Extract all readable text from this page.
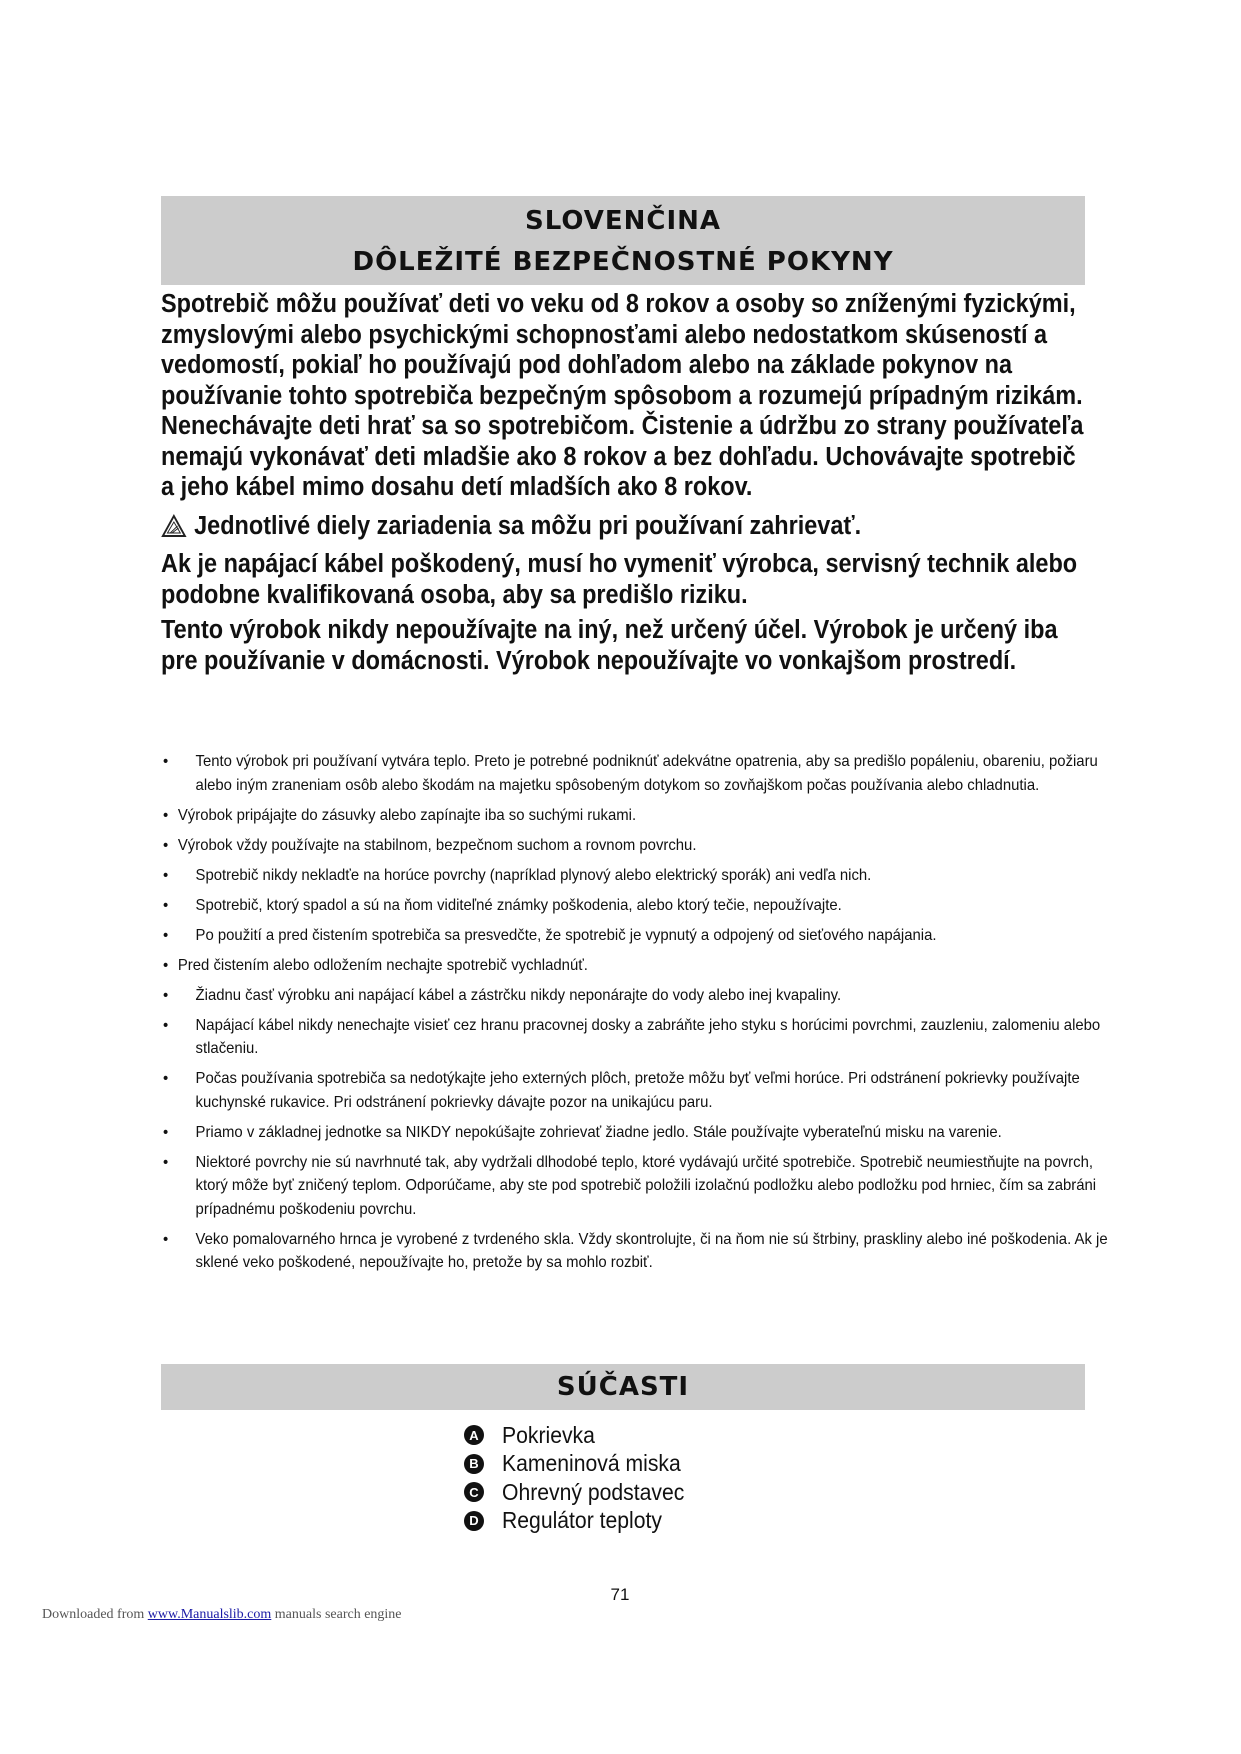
SLOVENČINA
DÔLEŽITÉ BEZPEČNOSTNÉ POKYNY

Spotrebič môžu používať deti vo veku od 8 rokov a osoby so zníženými fyzickými, zmyslovými alebo psychickými schopnosťami alebo nedostatkom skúseností a vedomostí, pokiaľ ho používajú pod dohľadom alebo na základe pokynov na používanie tohto spotrebiča bezpečným spôsobom a rozumejú prípadným rizikám. Nenechávajte deti hrať sa so spotrebičom. Čistenie a údržbu zo strany používateľa nemajú vykonávať deti mladšie ako 8 rokov a bez dohľadu. Uchovávajte spotrebič a jeho kábel mimo dosahu detí mladších ako 8 rokov.

Jednotlivé diely zariadenia sa môžu pri používaní zahrievať.

Ak je napájací kábel poškodený, musí ho vymeniť výrobca, servisný technik alebo podobne kvalifikovaná osoba, aby sa predišlo riziku.

Tento výrobok nikdy nepoužívajte na iný, než určený účel. Výrobok je určený iba pre používanie v domácnosti. Výrobok nepoužívajte vo vonkajšom prostredí.

• Tento výrobok pri používaní vytvára teplo. Preto je potrebné podniknúť adekvátne opatrenia, aby sa predišlo popáleniu, obareniu, požiaru alebo iným zraneniam osôb alebo škodám na majetku spôsobeným dotykom so zovňajškom počas používania alebo chladnutia.
• Výrobok pripájajte do zásuvky alebo zapínajte iba so suchými rukami.
• Výrobok vždy používajte na stabilnom, bezpečnom suchom a rovnom povrchu.
• Spotrebič nikdy nekladťe na horúce povrchy (napríklad plynový alebo elektrický sporák) ani vedľa nich.
• Spotrebič, ktorý spadol a sú na ňom viditeľné známky poškodenia, alebo ktorý tečie, nepoužívajte.
• Po použití a pred čistením spotrebiča sa presvedčte, že spotrebič je vypnutý a odpojený od sieťového napájania.
• Pred čistením alebo odložením nechajte spotrebič vychladnúť.
• Žiadnu časť výrobku ani napájací kábel a zástrčku nikdy neponárajte do vody alebo inej kvapaliny.
• Napájací kábel nikdy nenechajte visieť cez hranu pracovnej dosky a zabráňte jeho styku s horúcimi povrchmi, zauzleniu, zalomeniu alebo stlačeniu.
• Počas používania spotrebiča sa nedotýkajte jeho externých plôch, pretože môžu byť veľmi horúce. Pri odstránení pokrievky používajte kuchynské rukavice. Pri odstránení pokrievky dávajte pozor na unikajúcu paru.
• Priamo v základnej jednotke sa NIKDY nepokúšajte zohrievať žiadne jedlo. Stále používajte vyberateľnú misku na varenie.
• Niektoré povrchy nie sú navrhnuté tak, aby vydržali dlhodobé teplo, ktoré vydávajú určité spotrebiče. Spotrebič neumiestňujte na povrch, ktorý môže byť zničený teplom. Odporúčame, aby ste pod spotrebič položili izolačnú podložku alebo podložku pod hrniec, čím sa zabráni prípadnému poškodeniu povrchu.
• Veko pomalovarného hrnca je vyrobené z tvrdeného skla. Vždy skontrolujte, či na ňom nie sú štrbiny, praskliny alebo iné poškodenia. Ak je sklené veko poškodené, nepoužívajte ho, pretože by sa mohlo rozbiť.
SÚČASTI
A Pokrievka
B Kameninová miska
C Ohrevný podstavec
D Regulátor teploty
71
Downloaded from www.Manualslib.com manuals search engine
